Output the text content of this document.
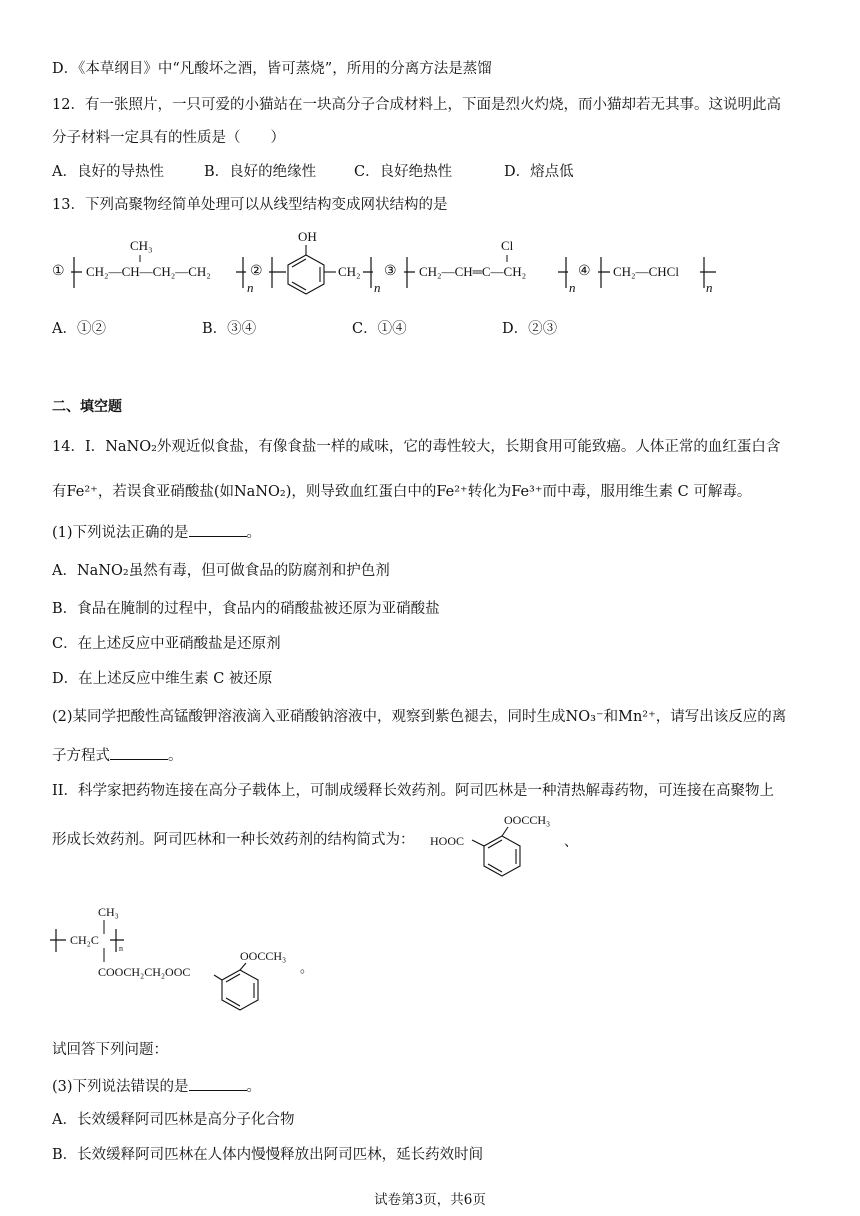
D．《本草纲目》中“凡酸坏之酒，皆可蒸烧”，所用的分离方法是蒸馏
12．有一张照片，一只可爱的小猫站在一块高分子合成材料上，下面是烈火灼烧，而小猫却若无其事。这说明此高
分子材料一定具有的性质是（ ）
A．良好的导热性	B．良好的绝缘性	C．良好绝热性	D．熔点低
13．下列高聚物经简单处理可以从线型结构变成网状结构的是
①
CH₃
CH₂—CH—CH₂—CH₂
n
②
OH
CH₂
n
③
Cl
CH₂—CH═C—CH₂
n
④ CH₂—CHCl
n
A．①②	B．③④	C．①④	D．②③
二、填空题
14．I．NaNO₂外观近似食盐，有像食盐一样的咸味，它的毒性较大，长期食用可能致癌。人体正常的血红蛋白含
有Fe²⁺，若误食亚硝酸盐(如NaNO₂)，则导致血红蛋白中的Fe²⁺转化为Fe³⁺而中毒，服用维生素 C 可解毒。
(1)下列说法正确的是	。
A．NaNO₂虽然有毒，但可做食品的防腐剂和护色剂
B．食品在腌制的过程中，食品内的硝酸盐被还原为亚硝酸盐
C．在上述反应中亚硝酸盐是还原剂
D．在上述反应中维生素 C 被还原
(2)某同学把酸性高锰酸钾溶液滴入亚硝酸钠溶液中，观察到紫色褪去，同时生成NO₃⁻和Mn²⁺，请写出该反应的离
子方程式	。
II．科学家把药物连接在高分子载体上，可制成缓释长效药剂。阿司匹林是一种清热解毒药物，可连接在高聚物上
形成长效药剂。阿司匹林和一种长效药剂的结构简式为：
OOCCH₃
HOOC	、
CH₃
CH₂C
n
COOCH₂CH₂OOC
OOCCH₃
。
试回答下列问题：
(3)下列说法错误的是	。
A．长效缓释阿司匹林是高分子化合物
B．长效缓释阿司匹林在人体内慢慢释放出阿司匹林，延长药效时间
试卷第3页，共6页
